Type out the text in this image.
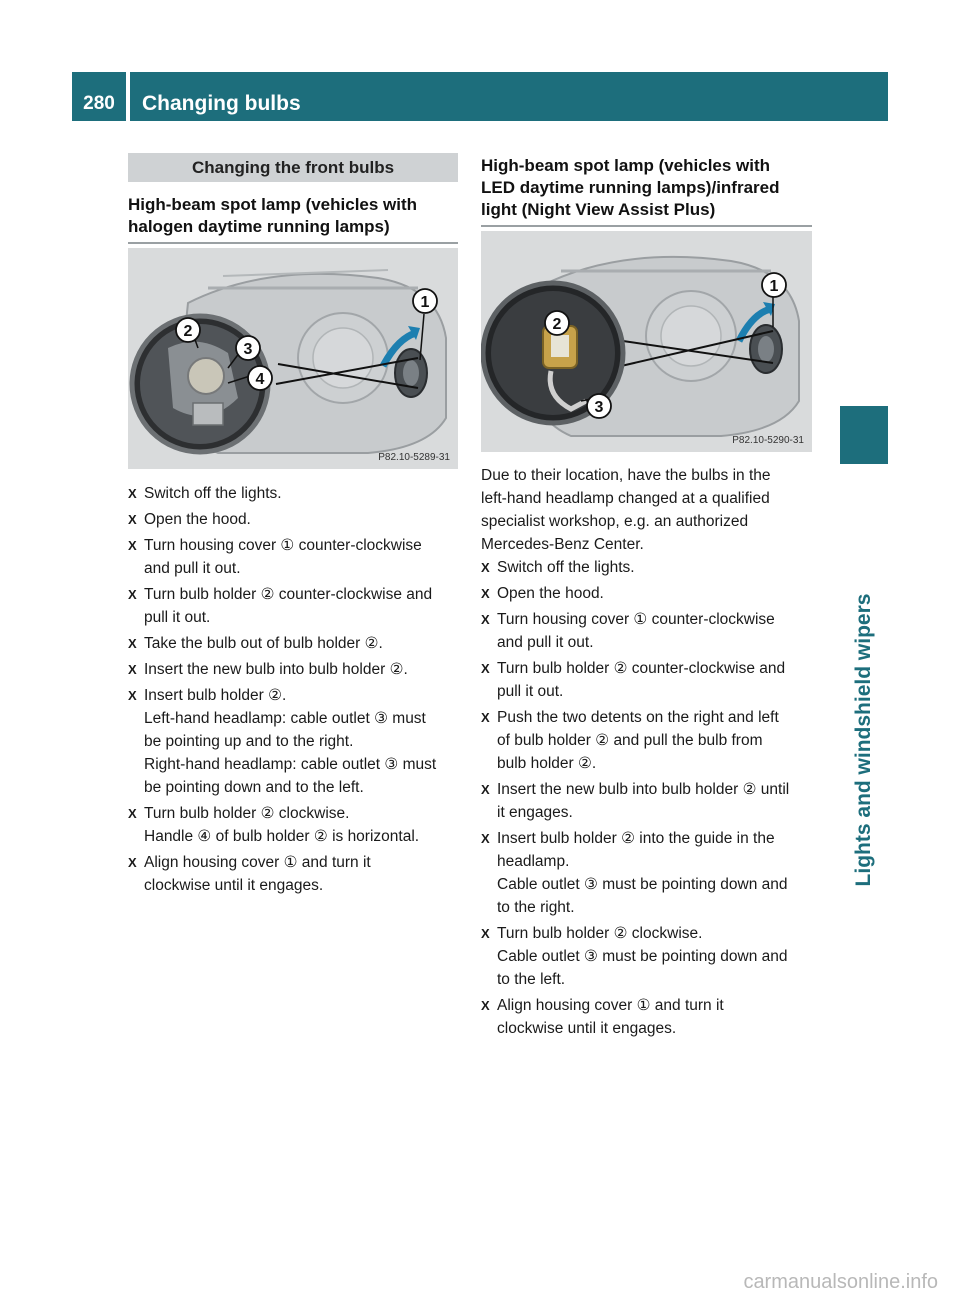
280	Changing bulbs
Lights and windshield wipers
Changing the front bulbs
High-beam spot lamp (vehicles with
halogen daytime running lamps)
1
2
3
4
P82.10-5289-31
X Switch off the lights.
X Open the hood.
X Turn housing cover ① counter-clockwise
and pull it out.
X Turn bulb holder ② counter-clockwise and
pull it out.
X Take the bulb out of bulb holder ②.
X Insert the new bulb into bulb holder ②.
X Insert bulb holder ②.
Left-hand headlamp: cable outlet ③ must
be pointing up and to the right.
Right-hand headlamp: cable outlet ③ must
be pointing down and to the left.
X Turn bulb holder ② clockwise.
Handle ④ of bulb holder ② is horizontal.
X Align housing cover ① and turn it
clockwise until it engages.
High-beam spot lamp (vehicles with
LED daytime running lamps)/infrared
light (Night View Assist Plus)
1
2
3
P82.10-5290-31
Due to their location, have the bulbs in the
left-hand headlamp changed at a qualified
specialist workshop, e.g. an authorized
Mercedes-Benz Center.
X Switch off the lights.
X Open the hood.
X Turn housing cover ① counter-clockwise
and pull it out.
X Turn bulb holder ② counter-clockwise and
pull it out.
X Push the two detents on the right and left
of bulb holder ② and pull the bulb from
bulb holder ②.
X Insert the new bulb into bulb holder ② until
it engages.
X Insert bulb holder ② into the guide in the
headlamp.
Cable outlet ③ must be pointing down and
to the right.
X Turn bulb holder ② clockwise.
Cable outlet ③ must be pointing down and
to the left.
X Align housing cover ① and turn it
clockwise until it engages.
carmanualsonline.info
